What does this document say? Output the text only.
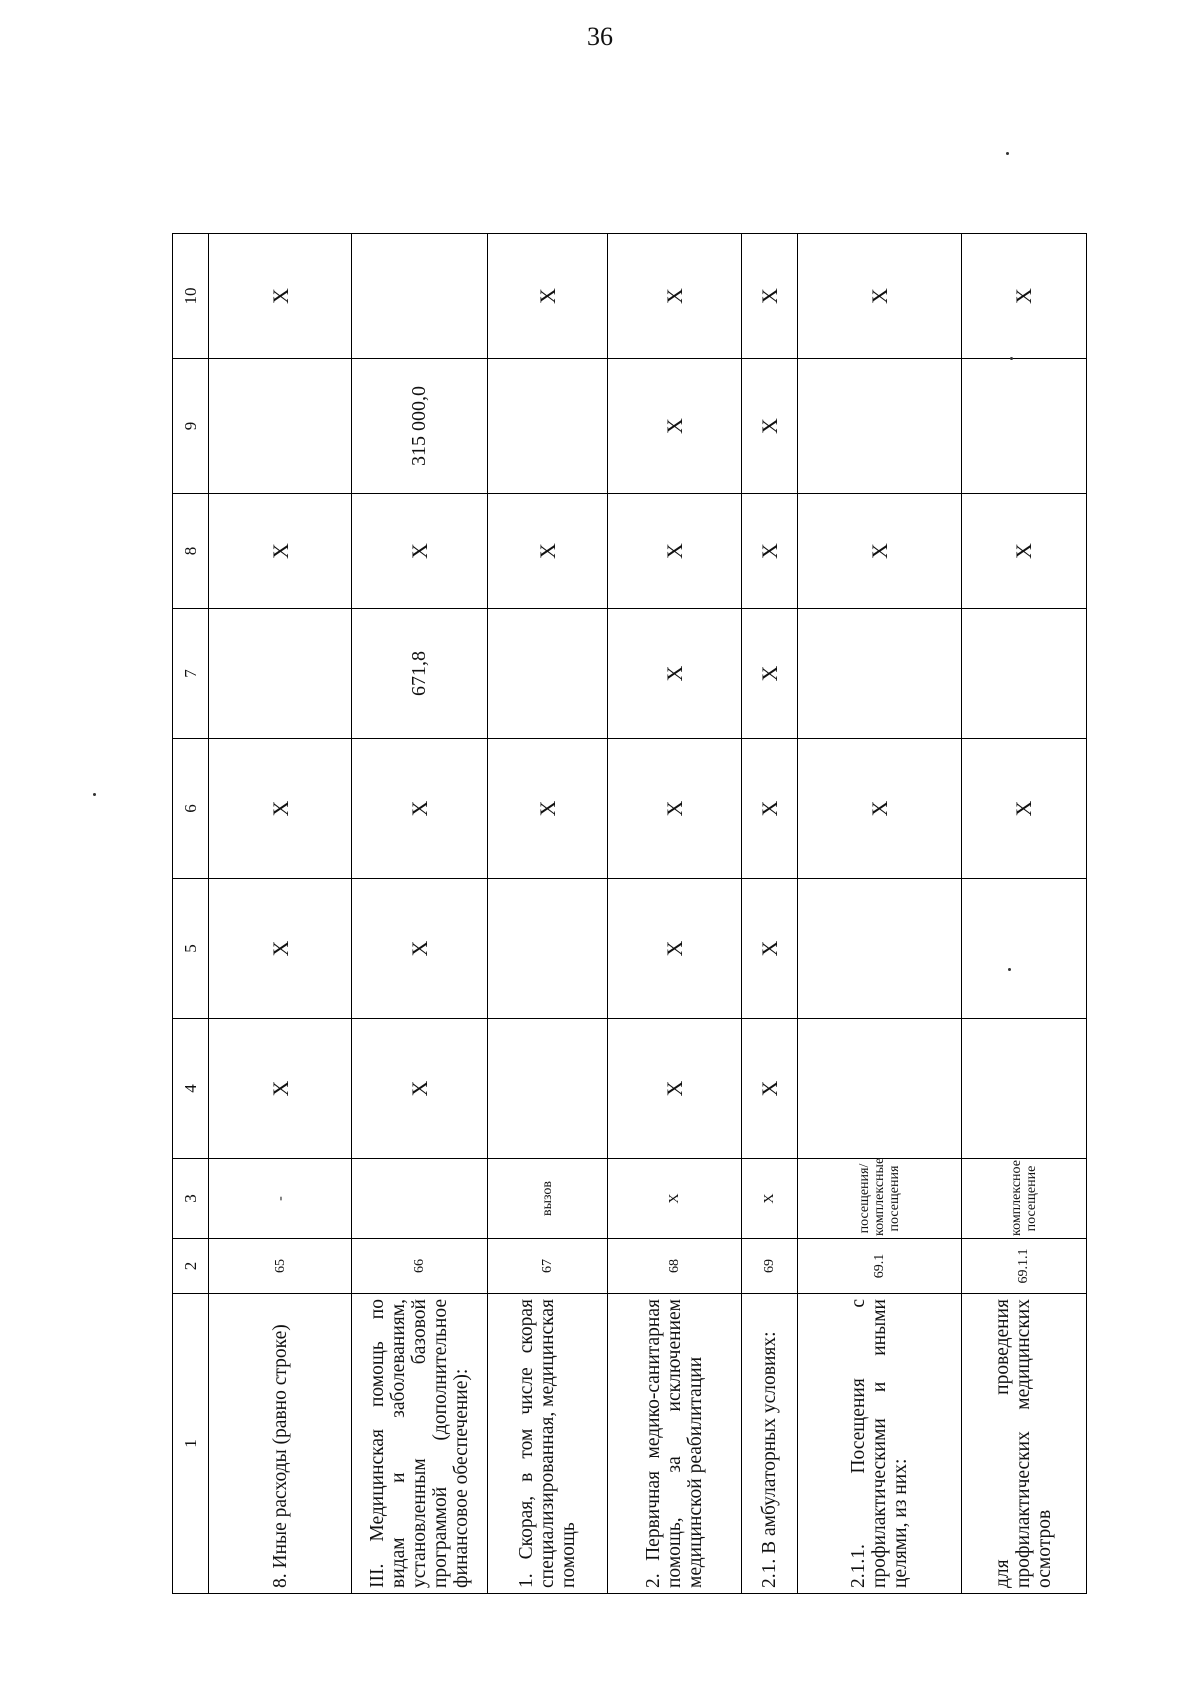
36
1	2	3	4	5	6	7	8	9	10
8. Иные расходы (равно строке)	65	-	Х	Х	Х		Х		Х
III. Медицинская помощь по видам и заболеваниям, установленным базовой программой (дополнительное финансовое обеспечение):	66		Х	Х	Х	671,8	Х	315 000,0	
1. Скорая, в том числе скорая специализированная, медицинская помощь	67	вызов			Х		Х		Х
2. Первичная медико-санитарная помощь, за исключением медицинской реабилитации	68	Х	Х	Х	Х	Х	Х	Х	Х
2.1. В амбулаторных условиях:	69	Х	Х	Х	Х	Х	Х	Х	Х
2.1.1. Посещения с профилактическими и иными целями, из них:	69.1	посещения/ комплексные посещения			Х		Х		Х
для проведения профилактических медицинских осмотров	69.1.1	комплексное посещение			Х		Х		Х
